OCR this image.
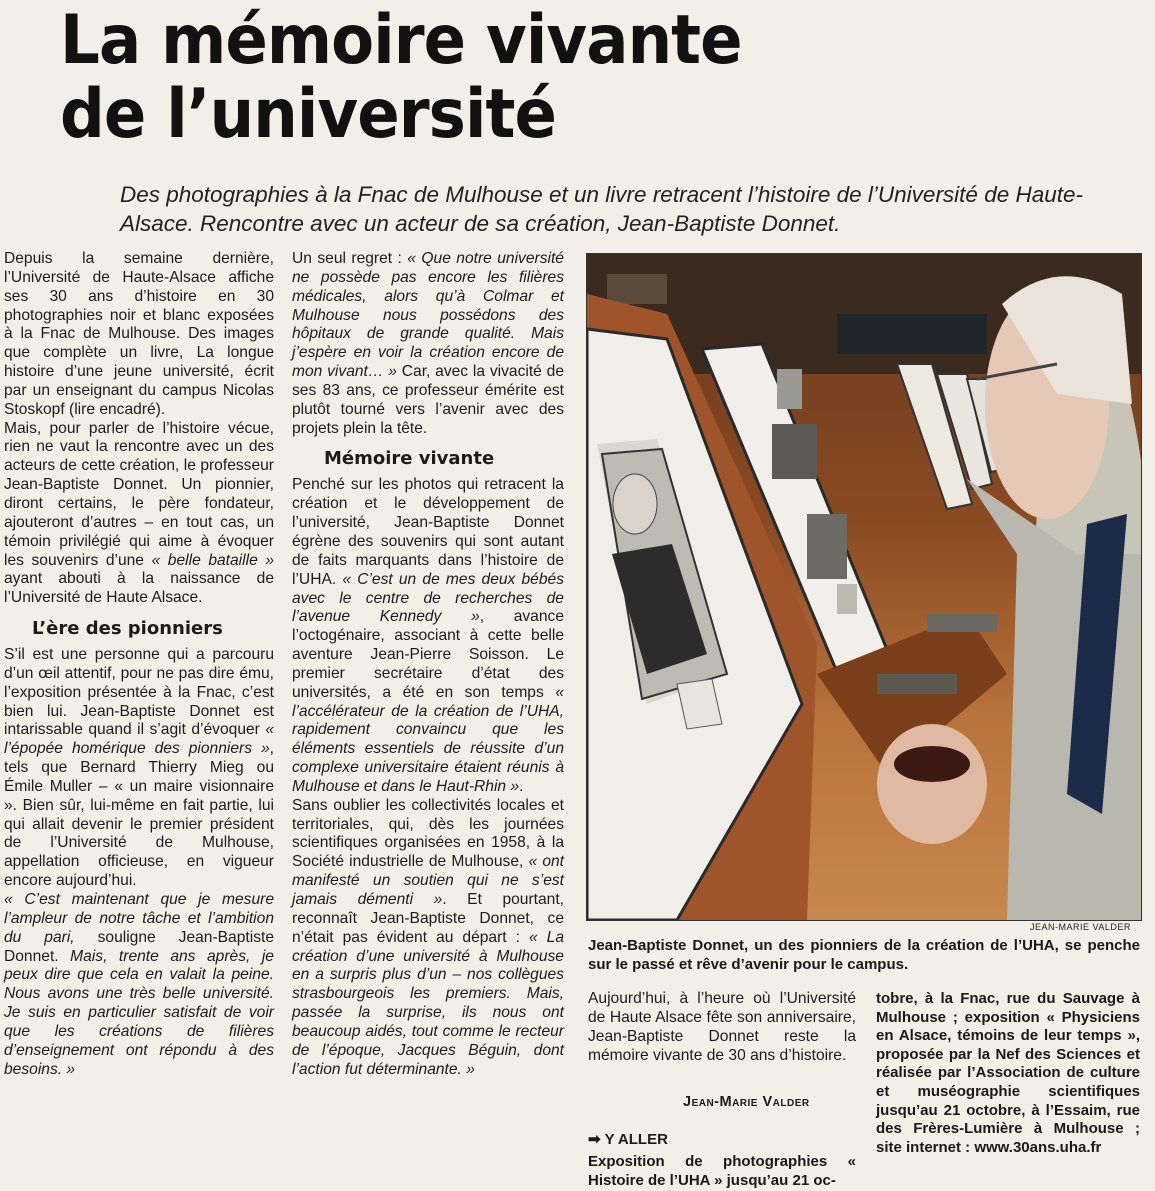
La mémoire vivante
de l’université
Des photographies à la Fnac de Mulhouse et un livre retracent l’histoire de l’Université de Haute-Alsace. Rencontre avec un acteur de sa création, Jean-Baptiste Donnet.

Depuis la semaine dernière, l’Université de Haute-Alsace affiche ses 30 ans d’histoire en 30 photographies noir et blanc exposées à la Fnac de Mulhouse. Des images que complète un livre, La longue histoire d’une jeune université, écrit par un enseignant du campus Nicolas Stoskopf (lire encadré).

Mais, pour parler de l’histoire vécue, rien ne vaut la rencontre avec un des acteurs de cette création, le professeur Jean-Baptiste Donnet. Un pionnier, diront certains, le père fondateur, ajouteront d’autres – en tout cas, un témoin privilégié qui aime à évoquer les souvenirs d’une « belle bataille » ayant abouti à la naissance de l’Université de Haute Alsace.

L’ère des pionniers

S’il est une personne qui a parcouru d’un œil attentif, pour ne pas dire ému, l’exposition présentée à la Fnac, c’est bien lui. Jean-Baptiste Donnet est intarissable quand il s’agit d’évoquer « l’épopée homérique des pionniers », tels que Bernard Thierry Mieg ou Émile Muller – « un maire visionnaire ». Bien sûr, lui-même en fait partie, lui qui allait devenir le premier président de l’Université de Mulhouse, appellation officieuse, en vigueur encore aujourd’hui.

« C’est maintenant que je mesure l’ampleur de notre tâche et l’ambition du pari, souligne Jean-Baptiste Donnet. Mais, trente ans après, je peux dire que cela en valait la peine. Nous avons une très belle université. Je suis en particulier satisfait de voir que les créations de filières d’enseignement ont répondu à des besoins. »

Un seul regret : « Que notre université ne possède pas encore les filières médicales, alors qu’à Colmar et Mulhouse nous possédons des hôpitaux de grande qualité. Mais j’espère en voir la création encore de mon vivant… » Car, avec la vivacité de ses 83 ans, ce professeur émérite est plutôt tourné vers l’avenir avec des projets plein la tête.

Mémoire vivante

Penché sur les photos qui retracent la création et le développement de l’université, Jean-Baptiste Donnet égrène des souvenirs qui sont autant de faits marquants dans l’histoire de l’UHA. « C’est un de mes deux bébés avec le centre de recherches de l’avenue Kennedy », avance l’octogénaire, associant à cette belle aventure Jean-Pierre Soisson. Le premier secrétaire d’état des universités, a été en son temps « l’accélérateur de la création de l’UHA, rapidement convaincu que les éléments essentiels de réussite d’un complexe universitaire étaient réunis à Mulhouse et dans le Haut-Rhin ».

Sans oublier les collectivités locales et territoriales, qui, dès les journées scientifiques organisées en 1958, à la Société industrielle de Mulhouse, « ont manifesté un soutien qui ne s’est jamais démenti ». Et pourtant, reconnaît Jean-Baptiste Donnet, ce n’était pas évident au départ : « La création d’une université à Mulhouse en a surpris plus d’un – nos collègues strasbourgeois les premiers. Mais, passée la surprise, ils nous ont beaucoup aidés, tout comme le recteur de l’époque, Jacques Béguin, dont l’action fut déterminante. »

JEAN-MARIE VALDER
Jean-Baptiste Donnet, un des pionniers de la création de l’UHA, se penche sur le passé et rêve d’avenir pour le campus.

Aujourd’hui, à l’heure où l’Université de Haute Alsace fête son anniversaire, Jean-Baptiste Donnet reste la mémoire vivante de 30 ans d’histoire.

Jean-Marie Valder
➡ Y ALLER
Exposition de photographies « Histoire de l’UHA » jusqu’au 21 oc-

tobre, à la Fnac, rue du Sauvage à Mulhouse ; exposition « Physiciens en Alsace, témoins de leur temps », proposée par la Nef des Sciences et réalisée par l’Association de culture et muséographie scientifiques jusqu’au 21 octobre, à l’Essaim, rue des Frères-Lumière à Mulhouse ; site internet : www.30ans.uha.fr
